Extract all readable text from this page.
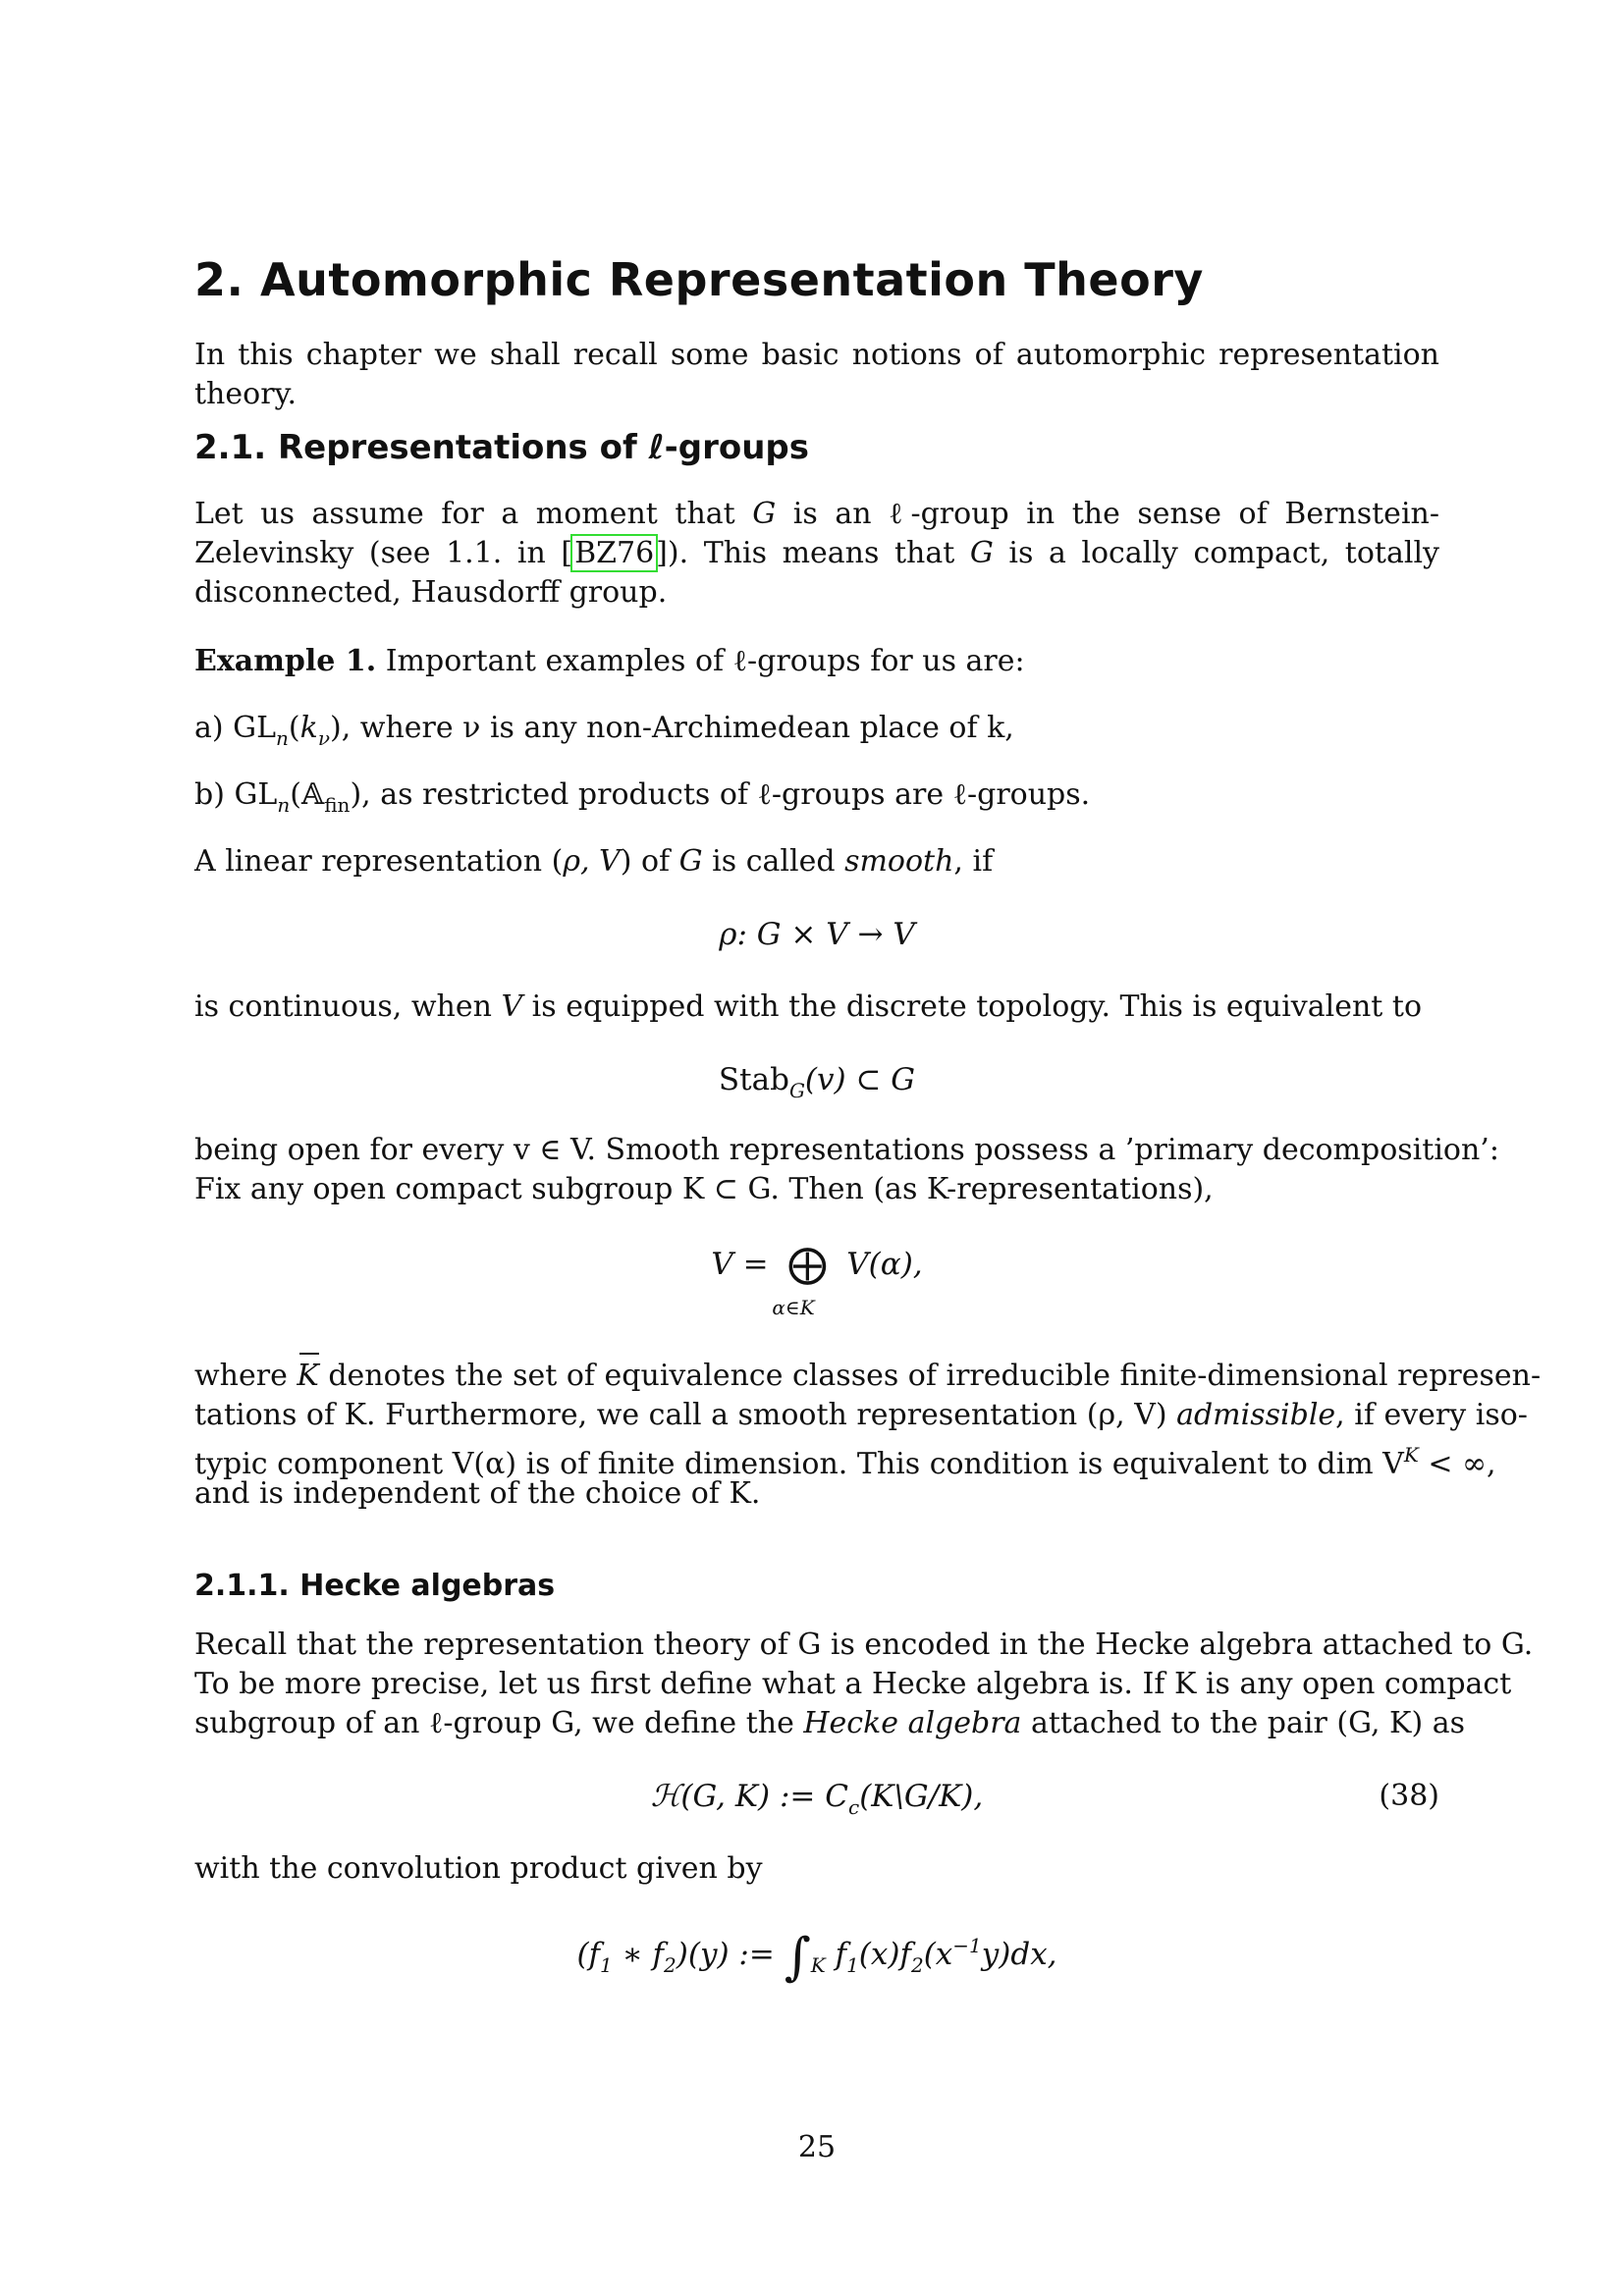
2. Automorphic Representation Theory

In this chapter we shall recall some basic notions of automorphic representation theory.

2.1. Representations of ℓ-groups

Let us assume for a moment that G is an ℓ-group in the sense of Bernstein-Zelevinsky (see 1.1. in [BZ76]). This means that G is a locally compact, totally disconnected, Hausdorff group.

Example 1. Important examples of ℓ-groups for us are:

a) $GL_n(k_\nu)$, where ν is any non-Archimedean place of k,

b) $GL_n(𝔸_{fin})$, as restricted products of ℓ-groups are ℓ-groups.

A linear representation (ρ, V) of G is called smooth, if

ρ: G × V → V

is continuous, when V is equipped with the discrete topology. This is equivalent to

Stab$_G$(v) ⊂ G

being open for every v ∈ V. Smooth representations possess a ’primary decomposition’:

Fix any open compact subgroup K ⊂ G. Then (as K-representations),

V = ⨁
α∈K
V(α),

where K denotes the set of equivalence classes of irreducible finite-dimensional represen-

tations of K. Furthermore, we call a smooth representation (ρ, V) admissible, if every iso-

typic component V(α) is of finite dimension. This condition is equivalent to dim $V^K$ < ∞,

and is independent of the choice of K.

2.1.1. Hecke algebras

Recall that the representation theory of G is encoded in the Hecke algebra attached to G.

To be more precise, let us first define what a Hecke algebra is. If K is any open compact

subgroup of an ℓ-group G, we define the Hecke algebra attached to the pair (G, K) as

ℋ(G, K) := $C_c(K\backslash G/K)$,	(38)

with the convolution product given by

($f_1$ ∗ $f_2)(y)$ := $\int_K$ $f_1(x)f_2(x^{-1}y)dx$,
25
